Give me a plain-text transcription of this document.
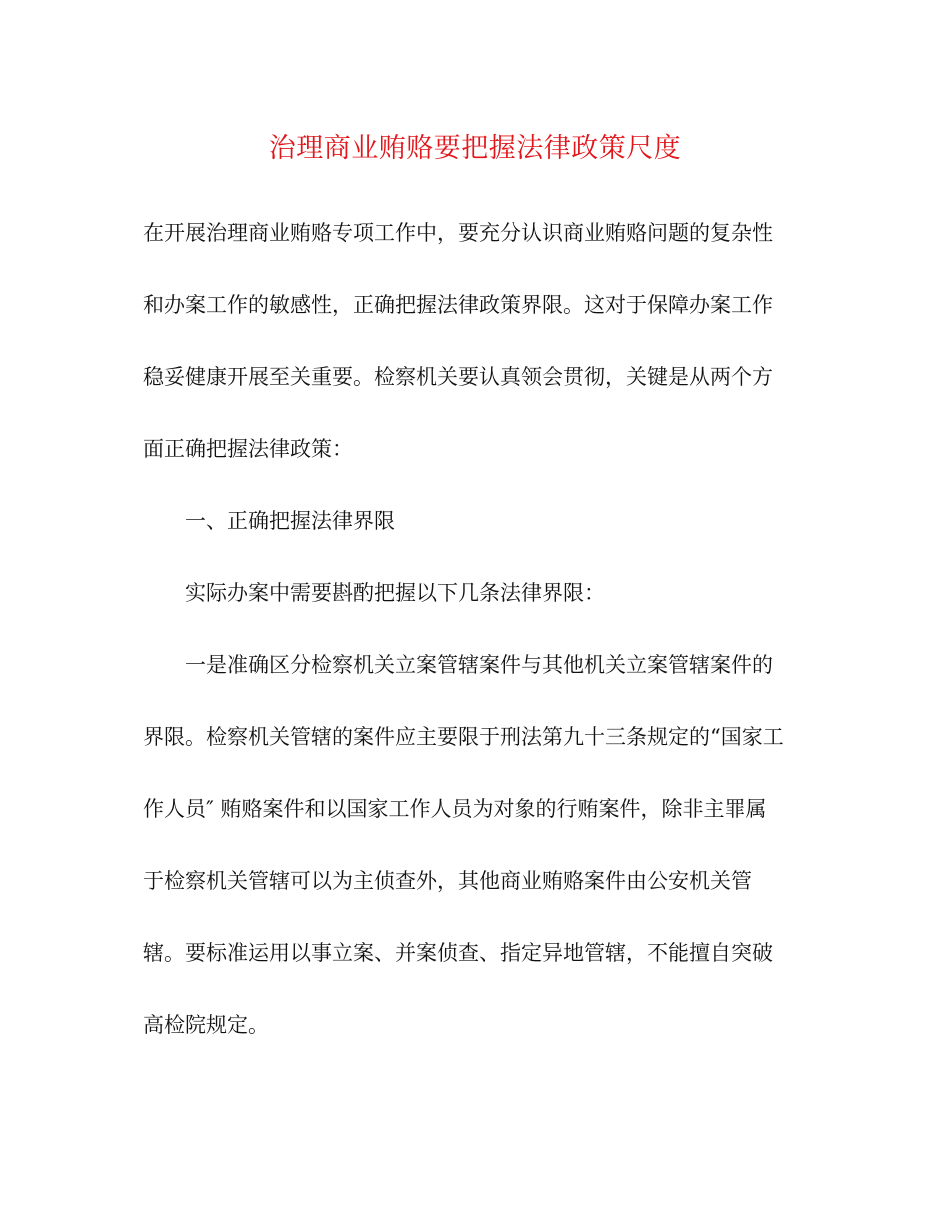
治理商业贿赂要把握法律政策尺度
在开展治理商业贿赂专项工作中，要充分认识商业贿赂问题的复杂性
和办案工作的敏感性，正确把握法律政策界限。这对于保障办案工作
稳妥健康开展至关重要。检察机关要认真领会贯彻，关键是从两个方
面正确把握法律政策：
一、正确把握法律界限
实际办案中需要斟酌把握以下几条法律界限：
一是准确区分检察机关立案管辖案件与其他机关立案管辖案件的
界限。检察机关管辖的案件应主要限于刑法第九十三条规定的“国家工
作人员″ 贿赂案件和以国家工作人员为对象的行贿案件，除非主罪属
于检察机关管辖可以为主侦查外，其他商业贿赂案件由公安机关管
辖。要标准运用以事立案、并案侦查、指定异地管辖，不能擅自突破
高检院规定。
